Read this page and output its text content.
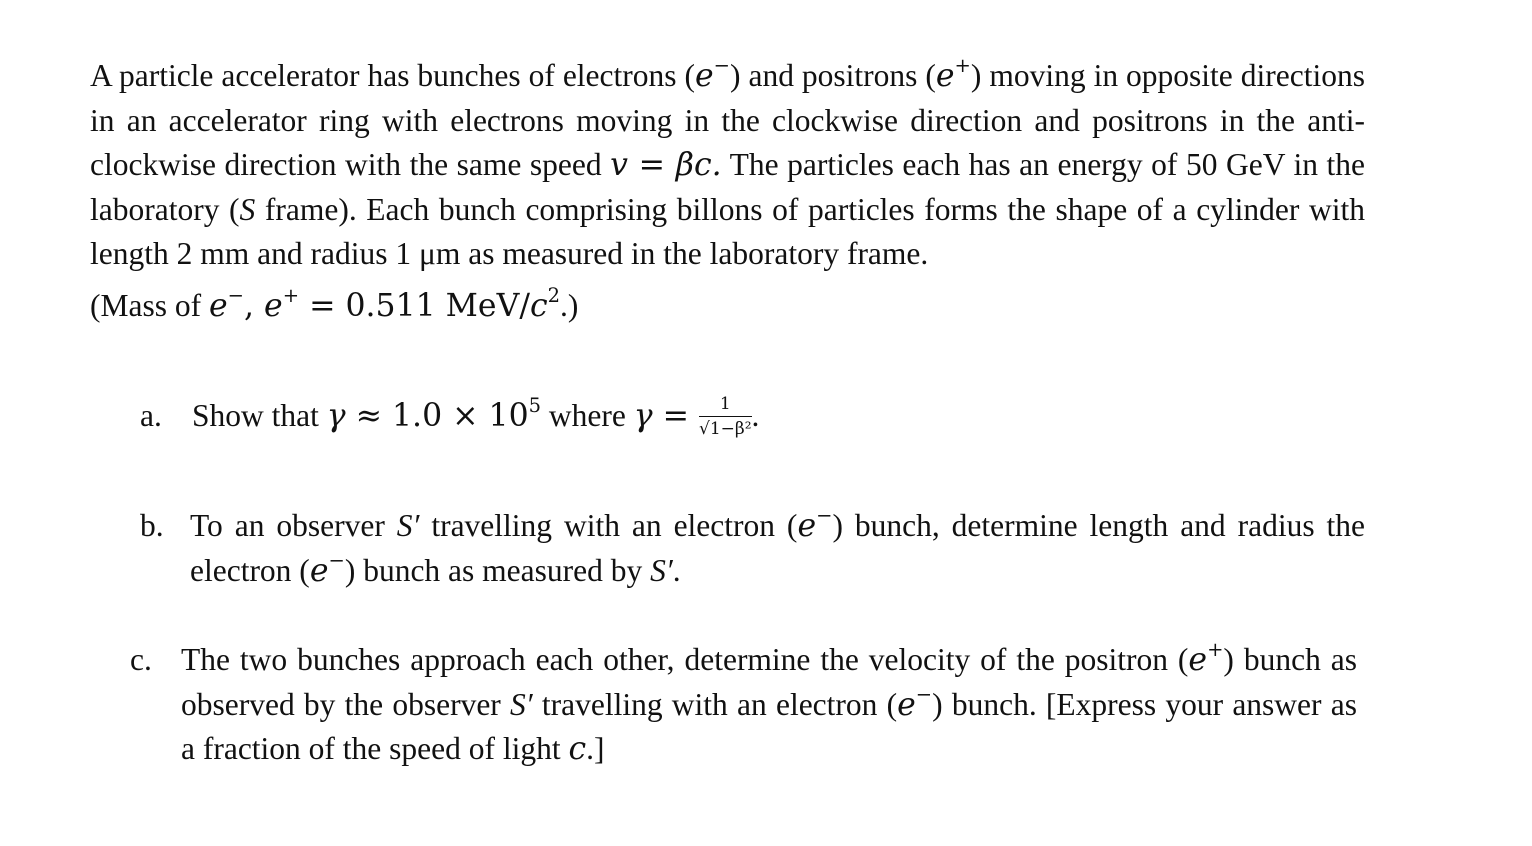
A particle accelerator has bunches of electrons (e−) and positrons (e+) moving in opposite directions in an accelerator ring with electrons moving in the clockwise direction and positrons in the anti-clockwise direction with the same speed v = βc. The particles each has an energy of 50 GeV in the laboratory (S frame). Each bunch comprising billons of particles forms the shape of a cylinder with length 2 mm and radius 1 μm as measured in the laboratory frame.
(Mass of e−, e+ = 0.511 MeV/$c^2$.)
a. Show that $\gamma \approx 1.0 \times 10^5$ where $\gamma = \frac{1}{\text{√1−β²}}$ .
b. To an observer S′ travelling with an electron (e−) bunch, determine length and radius the electron (e−) bunch as measured by S′.
c. The two bunches approach each other, determine the velocity of the positron (e+) bunch as observed by the observer S′ travelling with an electron (e−) bunch. [Express your answer as a fraction of the speed of light c.]
